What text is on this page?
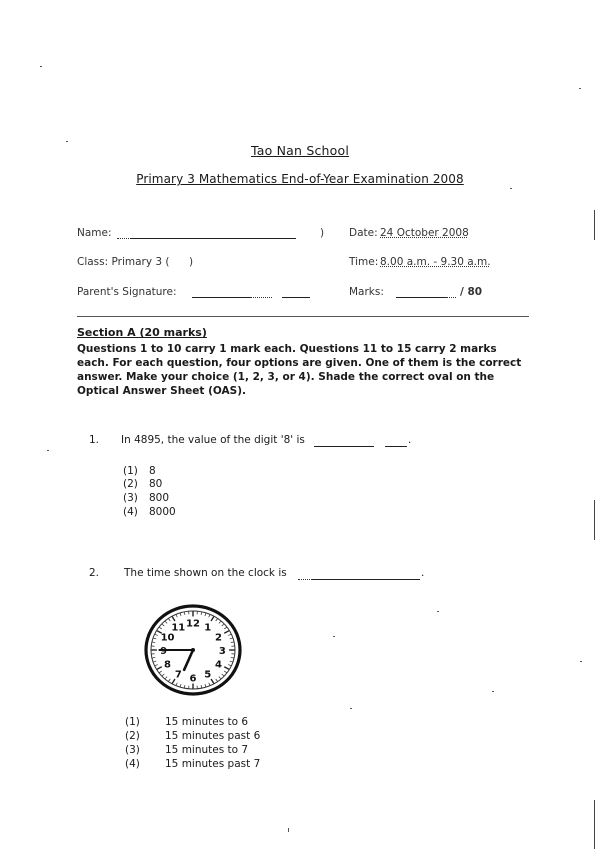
Tao Nan School
Primary 3 Mathematics End-of-Year Examination 2008
Name:	) Date: 24 October 2008
Class: Primary 3 ( )	Time: 8.00 a.m. - 9.30 a.m.
Parent's Signature:	Marks:	/ 80
Section A (20 marks)
Questions 1 to 10 carry 1 mark each. Questions 11 to 15 carry 2 marks each. For each question, four options are given. One of them is the correct answer. Make your choice (1, 2, 3, or 4). Shade the correct oval on the Optical Answer Sheet (OAS).
1. In 4895, the value of the digit '8' is	.
(1) 8
(2) 80
(3) 800
(4) 8000
2. The time shown on the clock is	.
12 1
2
3
4
5
6
7
8
9
10
11
(1) 15 minutes to 6
(2) 15 minutes past 6
(3) 15 minutes to 7
(4) 15 minutes past 7
